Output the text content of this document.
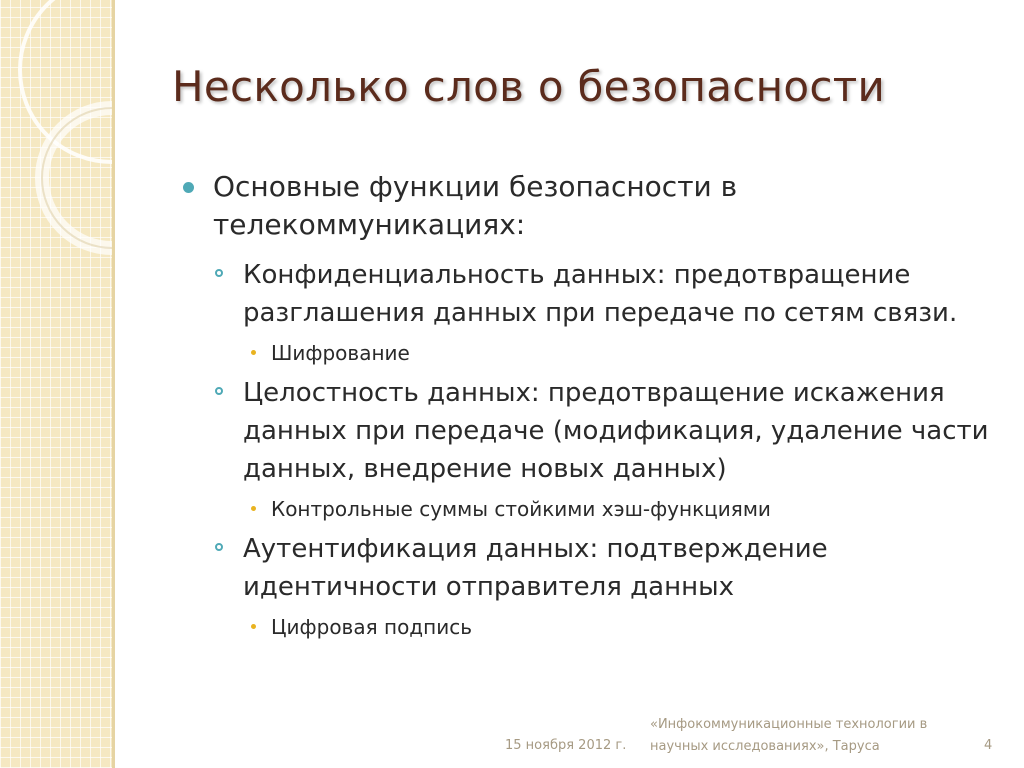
Несколько слов о безопасности
Основные функции безопасности в телекоммуникациях:
Конфиденциальность данных: предотвращение разглашения данных при передаче по сетям связи.
Шифрование
Целостность данных: предотвращение искажения данных при передаче (модификация, удаление части данных, внедрение новых данных)
Контрольные суммы стойкими хэш-функциями
Аутентификация данных: подтверждение идентичности отправителя данных
Цифровая подпись
15 ноября 2012 г.
«Инфокоммуникационные технологии в научных исследованиях», Таруса	4
